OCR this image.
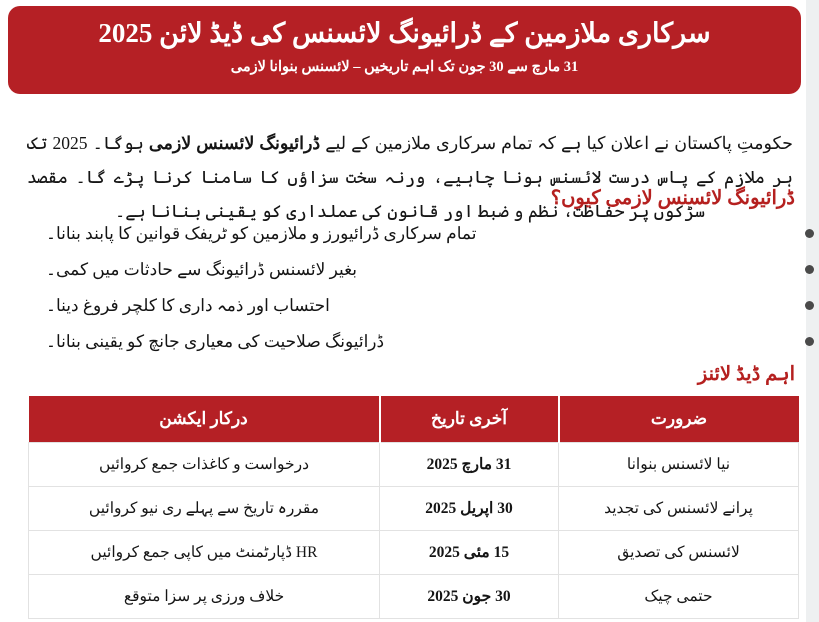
سرکاری ملازمین کے ڈرائیونگ لائسنس کی ڈیڈ لائن 2025
31 مارچ سے 30 جون تک اہم تاریخیں – لائسنس بنوانا لازمی

حکومتِ پاکستان نے اعلان کیا ہے کہ تمام سرکاری ملازمین کے لیے ڈرائیونگ لائسنس لازمی ہوگا۔ 2025 تک ہر ملازم کے پاس درست لائسنس ہونا چاہیے، ورنہ سخت سزاؤں کا سامنا کرنا پڑے گا۔ مقصد سڑکوں پر حفاظت، نظم و ضبط اور قانون کی عملداری کو یقینی بنانا ہے۔

ڈرائیونگ لائسنس لازمی کیوں؟
تمام سرکاری ڈرائیورز و ملازمین کو ٹریفک قوانین کا پابند بنانا۔
بغیر لائسنس ڈرائیونگ سے حادثات میں کمی۔
احتساب اور ذمہ داری کا کلچر فروغ دینا۔
ڈرائیونگ صلاحیت کی معیاری جانچ کو یقینی بنانا۔
اہم ڈیڈ لائنز
ضرورت	آخری تاریخ	درکار ایکشن
نیا لائسنس بنوانا	31 مارچ 2025	درخواست و کاغذات جمع کروائیں
پرانے لائسنس کی تجدید	30 اپریل 2025	مقررہ تاریخ سے پہلے ری نیو کروائیں
لائسنس کی تصدیق	15 مئی 2025	HR ڈپارٹمنٹ میں کاپی جمع کروائیں
حتمی چیک	30 جون 2025	خلاف ورزی پر سزا متوقع
